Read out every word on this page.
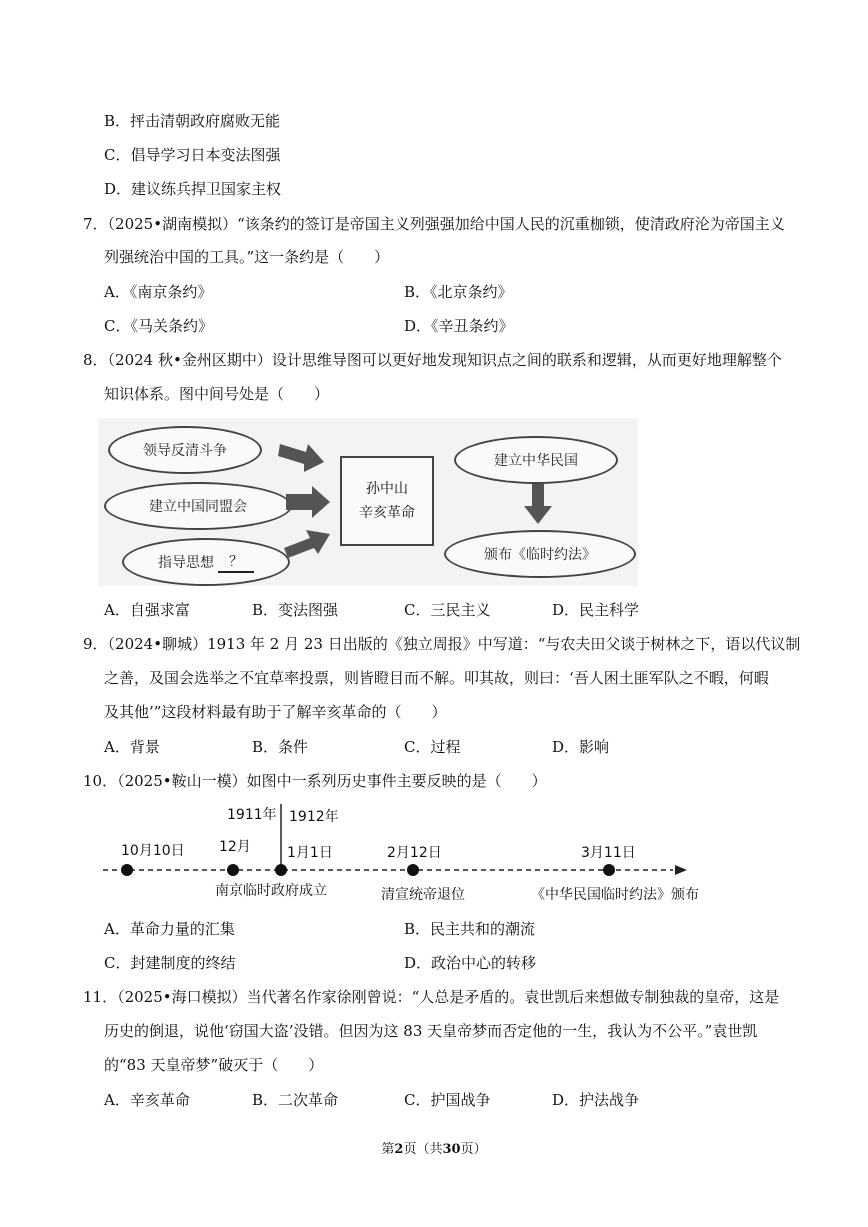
B．抨击清朝政府腐败无能
C．倡导学习日本变法图强
D．建议练兵捍卫国家主权
7．（2025•湖南模拟）“该条约的签订是帝国主义列强强加给中国人民的沉重枷锁，使清政府沦为帝国主义
列强统治中国的工具。”这一条约是（　　）
A．《南京条约》	B．《北京条约》
C．《马关条约》	D．《辛丑条约》
8．（2024 秋•金州区期中）设计思维导图可以更好地发现知识点之间的联系和逻辑，从而更好地理解整个
知识体系。图中间号处是（　　）
领导反清斗争
建立中国同盟会
指导思想	？
孙中山
辛亥革命
建立中华民国
颁布《临时约法》
A．自强求富	B．变法图强	C．三民主义	D．民主科学
9．（2024•聊城）1913 年 2 月 23 日出版的《独立周报》中写道：“与农夫田父谈于树林之下，语以代议制
之善，及国会选举之不宜草率投票，则皆瞪目而不解。叩其故，则曰：‘吾人困土匪军队之不暇，何暇
及其他’”这段材料最有助于了解辛亥革命的（　　）
A．背景	B．条件	C．过程	D．影响
10．（2025•鞍山一模）如图中一系列历史事件主要反映的是（　　）
1911年 1912年
10月10日 12月	1月1日	2月12日	3月11日
南京临时政府成立	清宣统帝退位	《中华民国临时约法》颁布
A．革命力量的汇集	B．民主共和的潮流
C．封建制度的终结	D．政治中心的转移
11．（2025•海口模拟）当代著名作家徐刚曾说：“人总是矛盾的。袁世凯后来想做专制独裁的皇帝，这是
历史的倒退，说他‘窃国大盗’没错。但因为这 83 天皇帝梦而否定他的一生，我认为不公平。”袁世凯
的“83 天皇帝梦”破灭于（　　）
A．辛亥革命	B．二次革命	C．护国战争	D．护法战争
第2页（共30页）
